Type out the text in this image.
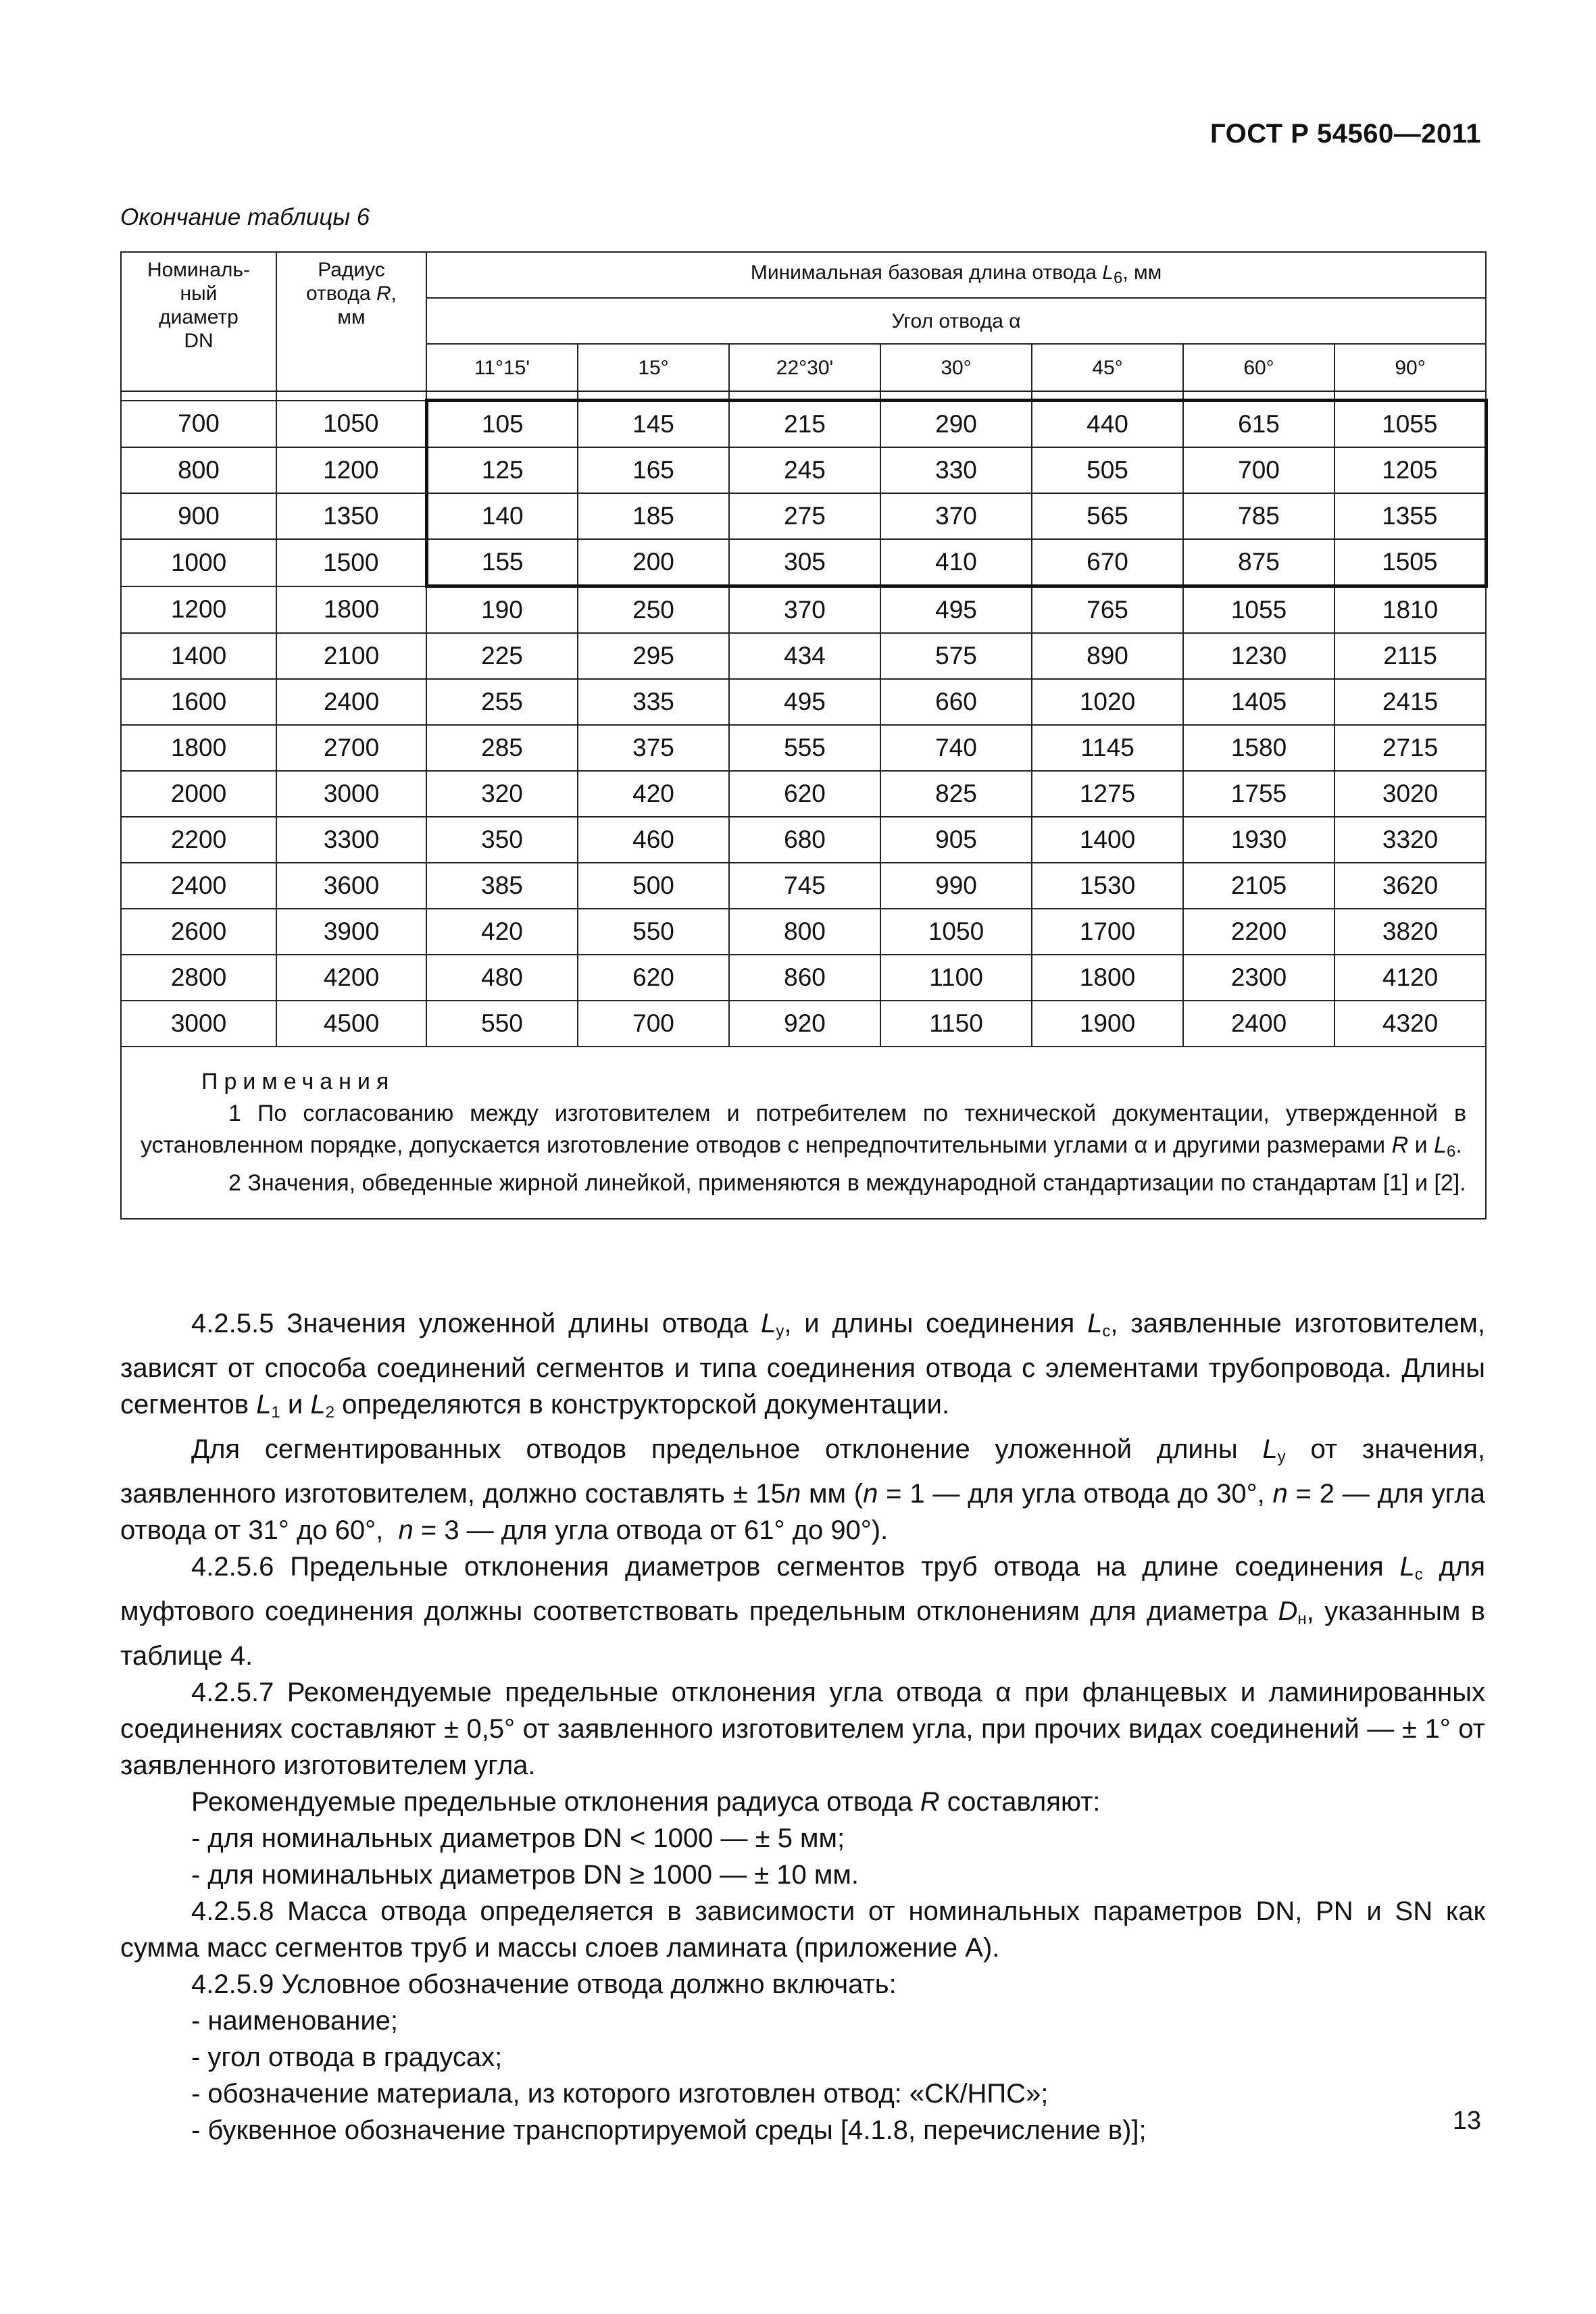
ГОСТ Р 54560—2011
Окончание таблицы 6
Номиналь-
ный
диаметр
DN	Радиус
отвода R,
мм	Минимальная базовая длина отвода $L_6$, мм						
		Угол отвода α						
		11°15'	15°	22°30'	30°	45°	60°	90°

700	1050	105	145	215	290	440	615	1055
800	1200	125	165	245	330	505	700	1205
900	1350	140	185	275	370	565	785	1355
1000	1500	155	200	305	410	670	875	1505
1200	1800	190	250	370	495	765	1055	1810
1400	2100	225	295	434	575	890	1230	2115
1600	2400	255	335	495	660	1020	1405	2415
1800	2700	285	375	555	740	1145	1580	2715
2000	3000	320	420	620	825	1275	1755	3020
2200	3300	350	460	680	905	1400	1930	3320
2400	3600	385	500	745	990	1530	2105	3620
2600	3900	420	550	800	1050	1700	2200	3820
2800	4200	480	620	860	1100	1800	2300	4120
3000	4500	550	700	920	1150	1900	2400	4320

Примечания
1 По согласованию между изготовителем и потребителем по технической документации, утвержденной в установленном порядке, допускается изготовление отводов с непредпочтительными углами α и другими размерами R и $L_6$.
2 Значения, обведенные жирной линейкой, применяются в международной стандартизации по стандартам [1] и [2].								

4.2.5.5 Значения уложенной длины отвода $L_у$, и длины соединения $L_с$, заявленные изготовителем, зависят от способа соединений сегментов и типа соединения отвода с элементами трубопровода. Длины сегментов $L_1$ и $L_2$ определяются в конструкторской документации.

Для сегментированных отводов предельное отклонение уложенной длины $L_у$ от значения, заявленного изготовителем, должно составлять ± 15n мм (n = 1 — для угла отвода до 30°, n = 2 — для угла отвода от 31° до 60°,  n = 3 — для угла отвода от 61° до 90°).

4.2.5.6 Предельные отклонения диаметров сегментов труб отвода на длине соединения $L_с$ для муфтового соединения должны соответствовать предельным отклонениям для диаметра $D_н$, указанным в таблице 4.

4.2.5.7 Рекомендуемые предельные отклонения угла отвода α при фланцевых и ламинированных соединениях составляют ± 0,5° от заявленного изготовителем угла, при прочих видах соединений — ± 1° от заявленного изготовителем угла.

Рекомендуемые предельные отклонения радиуса отвода R составляют:

- для номинальных диаметров DN < 1000 — ± 5 мм;

- для номинальных диаметров DN ≥ 1000 — ± 10 мм.

4.2.5.8 Масса отвода определяется в зависимости от номинальных параметров DN, PN и SN как сумма масс сегментов труб и массы слоев ламината (приложение А).

4.2.5.9 Условное обозначение отвода должно включать:

- наименование;

- угол отвода в градусах;

- обозначение материала, из которого изготовлен отвод: «СК/НПС»;

- буквенное обозначение транспортируемой среды [4.1.8, перечисление в)];	13
